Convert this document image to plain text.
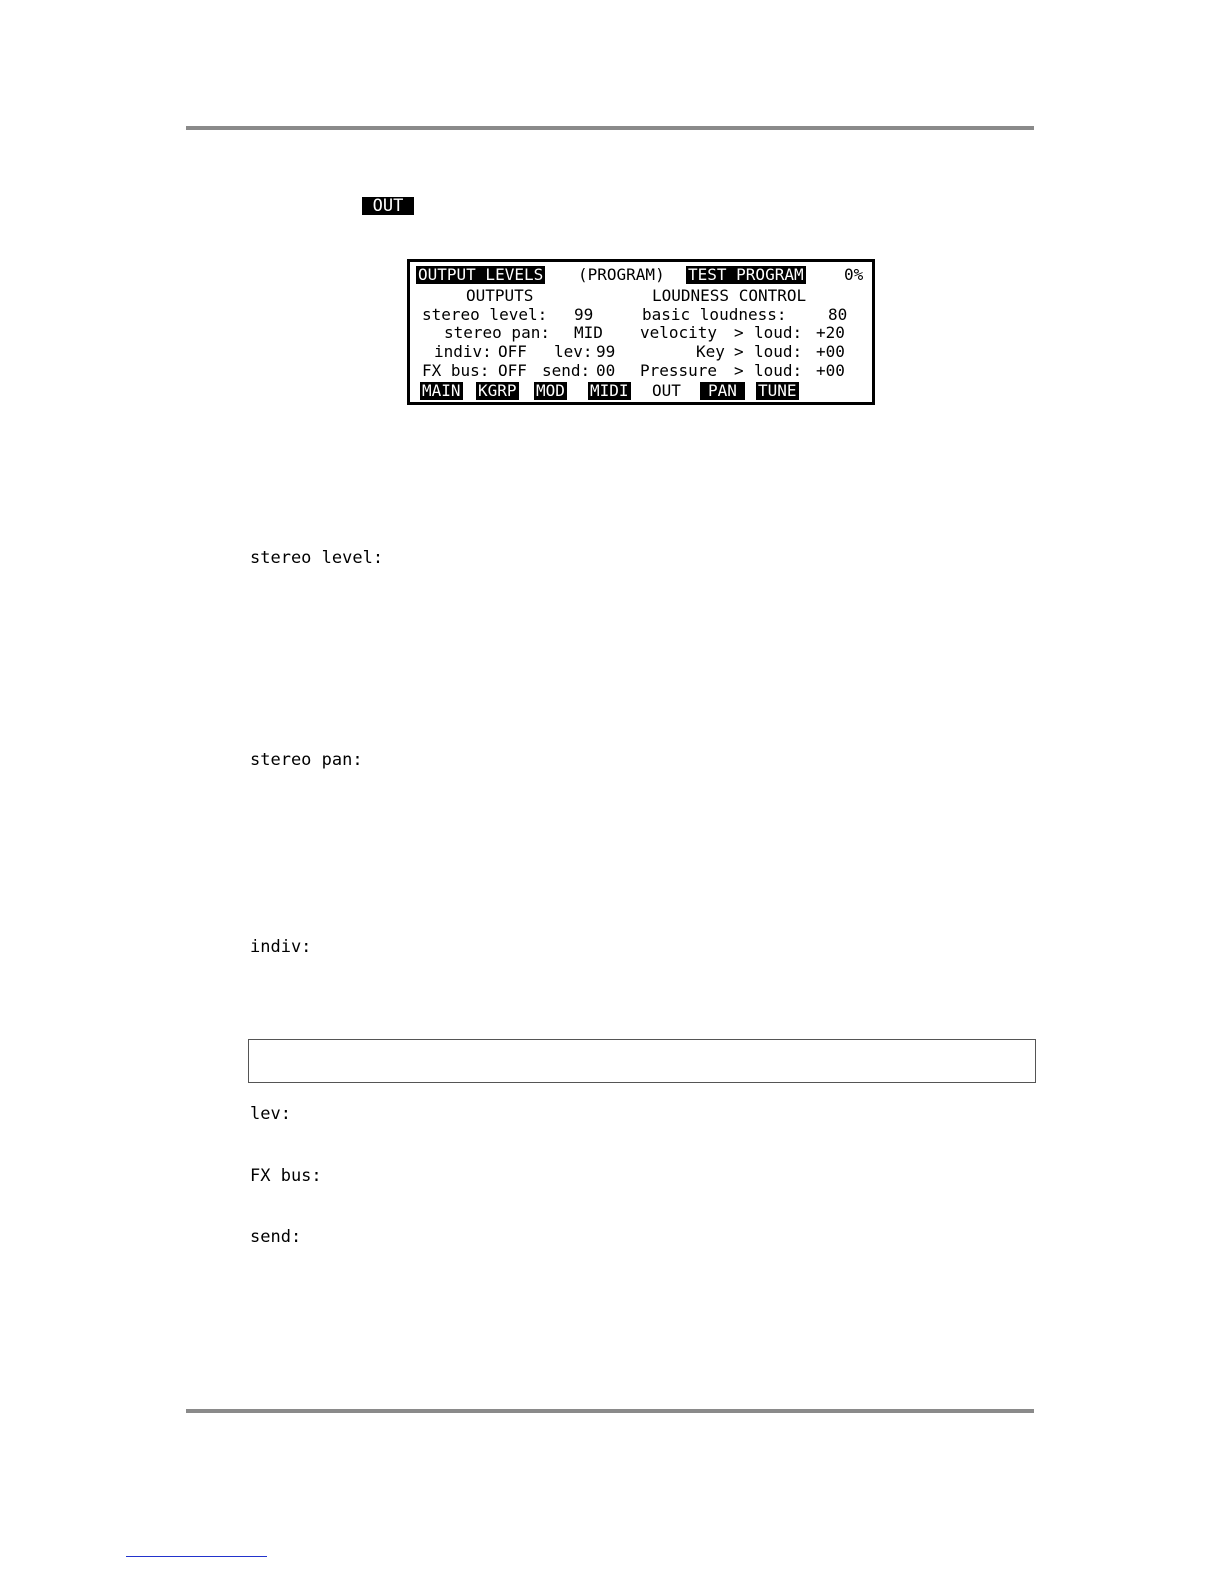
OUT
OUTPUT LEVELS (PROGRAM) TEST PROGRAM	0%
OUTPUTS	LOUDNESS CONTROL
stereo level: 99	basic loudness:	80
stereo pan: MID velocity > loud: +20
indiv: OFF lev: 99	Key > loud: +00
FX bus: OFF send: 00 Pressure > loud: +00
MAIN KGRP MOD MIDI OUT	PAN	TUNE
stereo level:
stereo pan:
indiv:
lev:
FX bus:
send:
